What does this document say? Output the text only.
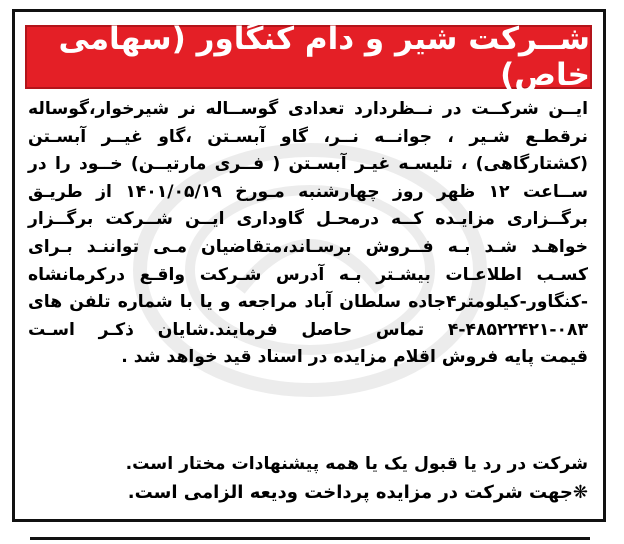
شــرکت شیر و دام کنگاور (سهامی خاص)
ایــن شرکــت در نــظردارد تعدادی گوســاله نر شیرخوار،گوساله
نرقطـع شـیر ، جوانــه نــر، گاو آبسـتن ،گاو غیــر آبسـتن
(کشتارگاهی) ، تلیسـه غیـر آبسـتن ( فــری مارتیــن) خــود را در
ســاعت ۱۲ ظهر روز چهارشنبه مـورخ ۱۴۰۱/۰۵/۱۹ از طریـق
برگــزاری مزایـده کــه درمحـل گاوداری ایــن شــرکت برگــزار
خواهـد شـد بـه فــروش برسـاند،متقاضیان مـی تواننـد بـرای
کسـب اطلاعـات بیشـتر بـه آدرس شـرکت واقـع درکرمانشاه
-کنگاور-کیلومتر۴جاده سلطان آباد مراجعه و یا با شماره تلفن های
۴-۴۸۵۲۲۴۲۱-۰۸۳ تماس حاصل فرمایند.شایان ذکـر اسـت
قیمت پایه فروش اقلام مزایده در اسناد قید خواهد شد .

شرکت در رد یا قبول یک یا همه پیشنهادات مختار است.

❋جهت شرکت در مزایده پرداخت ودیعه الزامی است.
